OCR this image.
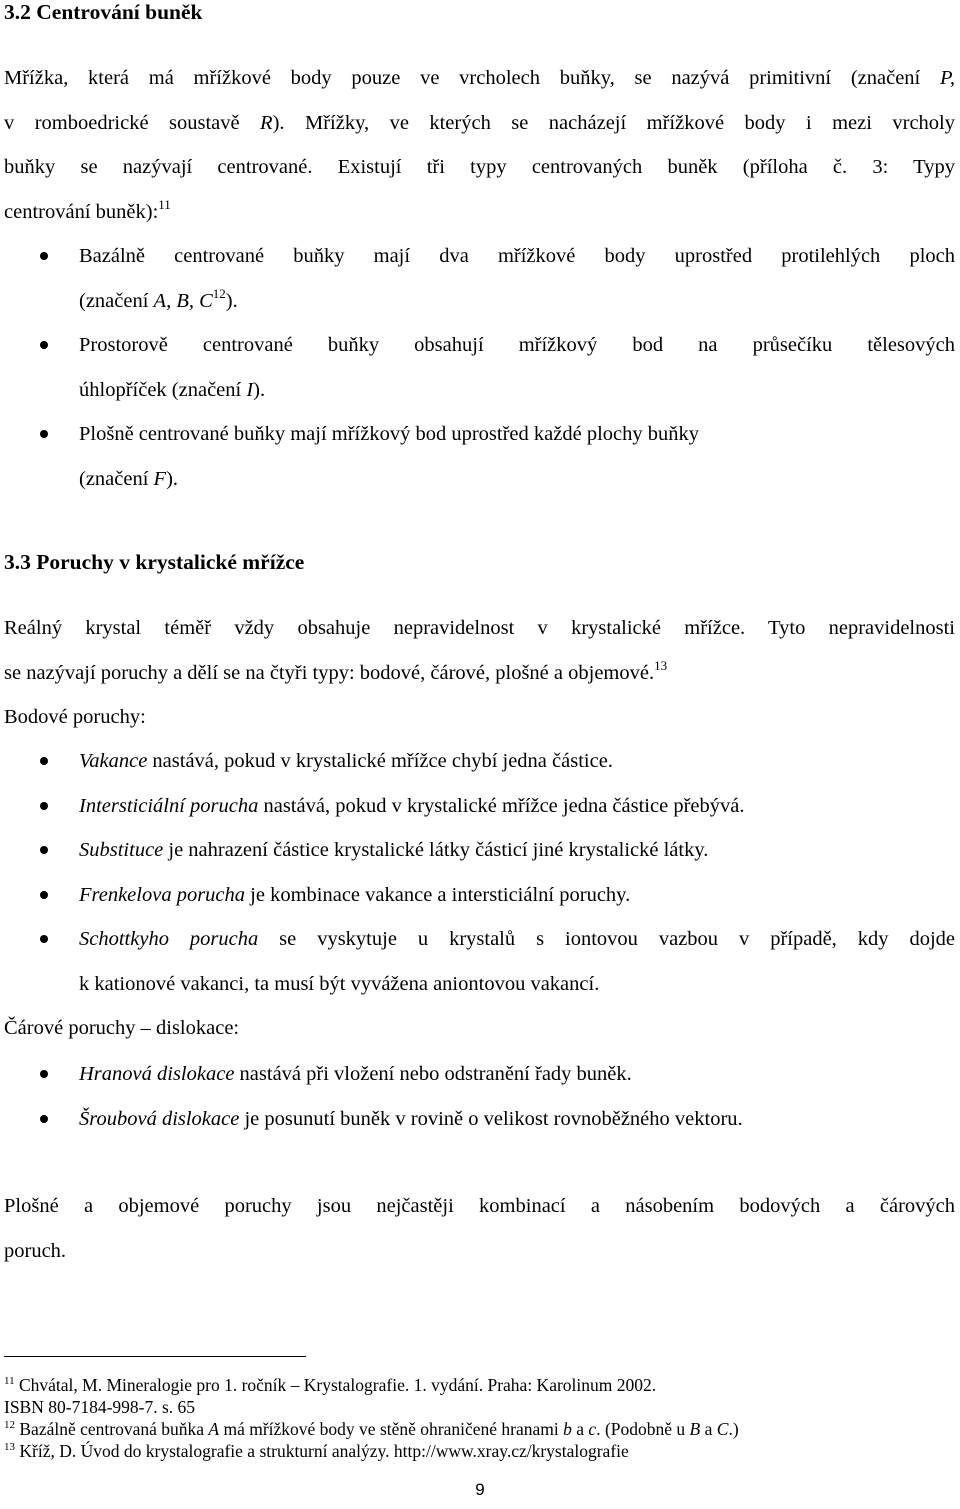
3.2 Centrování buněk
Mřížka, která má mřížkové body pouze ve vrcholech buňky, se nazývá primitivní (značení P,
v romboedrické soustavě R). Mřížky, ve kterých se nacházejí mřížkové body i mezi vrcholy
buňky se nazývají centrované. Existují tři typy centrovaných buněk (příloha č. 3: Typy
centrování buněk):$^{11}$
Bazálně centrované buňky mají dva mřížkové body uprostřed protilehlých ploch
(značení A, B, $C^{12}$).
Prostorově centrované buňky obsahují mřížkový bod na průsečíku tělesových
úhlopříček (značení I).
Plošně centrované buňky mají mřížkový bod uprostřed každé plochy buňky
(značení F).
3.3 Poruchy v krystalické mřížce
Reálný krystal téměř vždy obsahuje nepravidelnost v krystalické mřížce. Tyto nepravidelnosti
se nazývají poruchy a dělí se na čtyři typy: bodové, čárové, plošné a objemové.$^{13}$
Bodové poruchy:
Vakance nastává, pokud v krystalické mřížce chybí jedna částice.
Intersticiální porucha nastává, pokud v krystalické mřížce jedna částice přebývá.
Substituce je nahrazení částice krystalické látky částicí jiné krystalické látky.
Frenkelova porucha je kombinace vakance a intersticiální poruchy.
Schottkyho porucha se vyskytuje u krystalů s iontovou vazbou v případě, kdy dojde
k kationové vakanci, ta musí být vyvážena aniontovou vakancí.
Čárové poruchy – dislokace:
Hranová dislokace nastává při vložení nebo odstranění řady buněk.
Šroubová dislokace je posunutí buněk v rovině o velikost rovnoběžného vektoru.
Plošné a objemové poruchy jsou nejčastěji kombinací a násobením bodových a čárových
poruch.
$^{11}$ Chvátal, M. Mineralogie pro 1. ročník – Krystalografie. 1. vydání. Praha: Karolinum 2002.
ISBN 80-7184-998-7. s. 65
$^{12}$ Bazálně centrovaná buňka A má mřížkové body ve stěně ohraničené hranami b a c. (Podobně u B a C.)
$^{13}$ Kříž, D. Úvod do krystalografie a strukturní analýzy. http://www.xray.cz/krystalografie
9
